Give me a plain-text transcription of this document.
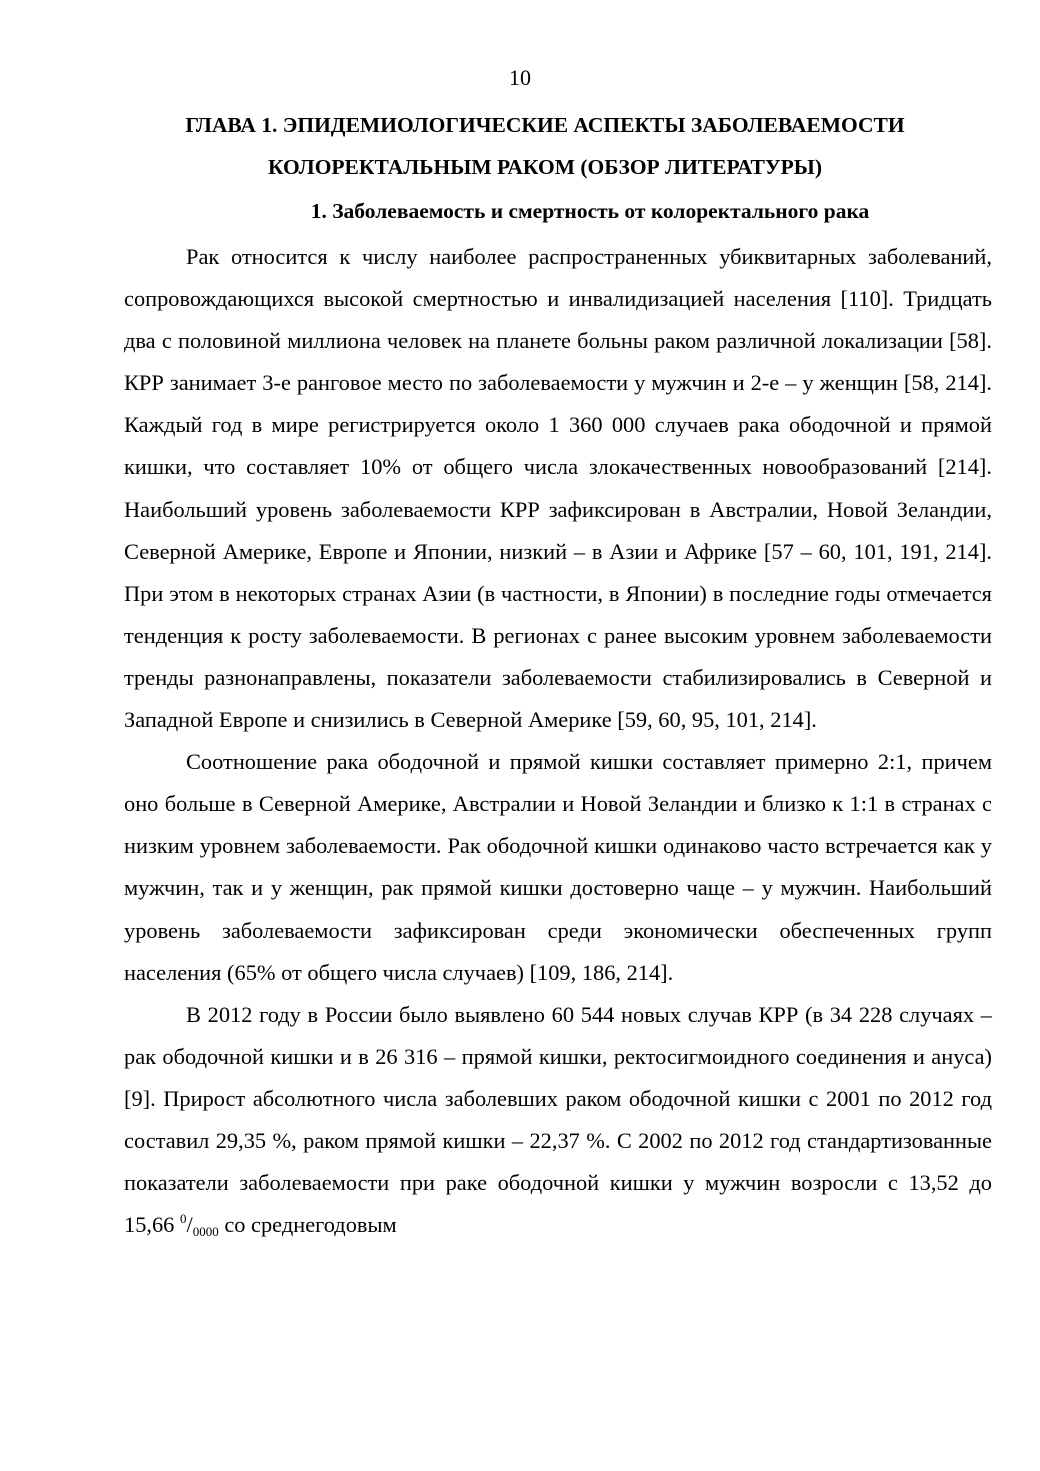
10
ГЛАВА 1. ЭПИДЕМИОЛОГИЧЕСКИЕ АСПЕКТЫ ЗАБОЛЕВАЕМОСТИ КОЛОРЕКТАЛЬНЫМ РАКОМ (ОБЗОР ЛИТЕРАТУРЫ)
1. Заболеваемость и смертность от колоректального рака

Рак относится к числу наиболее распространенных убиквитарных заболеваний, сопровождающихся высокой смертностью и инвалидизацией населения [110]. Тридцать два с половиной миллиона человек на планете больны раком различной локализации [58]. КРР занимает 3-е ранговое место по заболеваемости у мужчин и 2-е – у женщин [58, 214]. Каждый год в мире регистрируется около 1 360 000 случаев рака ободочной и прямой кишки, что составляет 10% от общего числа злокачественных новообразований [214]. Наибольший уровень заболеваемости КРР зафиксирован в Австралии, Новой Зеландии, Северной Америке, Европе и Японии, низкий – в Азии и Африке [57 – 60, 101, 191, 214]. При этом в некоторых странах Азии (в частности, в Японии) в последние годы отмечается тенденция к росту заболеваемости. В регионах с ранее высоким уровнем заболеваемости тренды разнонаправлены, показатели заболеваемости стабилизировались в Северной и Западной Европе и снизились в Северной Америке [59, 60, 95, 101, 214].

Соотношение рака ободочной и прямой кишки составляет примерно 2:1, причем оно больше в Северной Америке, Австралии и Новой Зеландии и близко к 1:1 в странах с низким уровнем заболеваемости. Рак ободочной кишки одинаково часто встречается как у мужчин, так и у женщин, рак прямой кишки достоверно чаще – у мужчин. Наибольший уровень заболеваемости зафиксирован среди экономически обеспеченных групп населения (65% от общего числа случаев) [109, 186, 214].

В 2012 году в России было выявлено 60 544 новых случав КРР (в 34 228 случаях – рак ободочной кишки и в 26 316 – прямой кишки, ректосигмоидного соединения и ануса) [9]. Прирост абсолютного числа заболевших раком ободочной кишки с 2001 по 2012 год составил 29,35 %, раком прямой кишки – 22,37 %. С 2002 по 2012 год стандартизованные показатели заболеваемости при раке ободочной кишки у мужчин возросли с 13,52 до 15,66 $^0/_{0000}$ со среднегодовым
